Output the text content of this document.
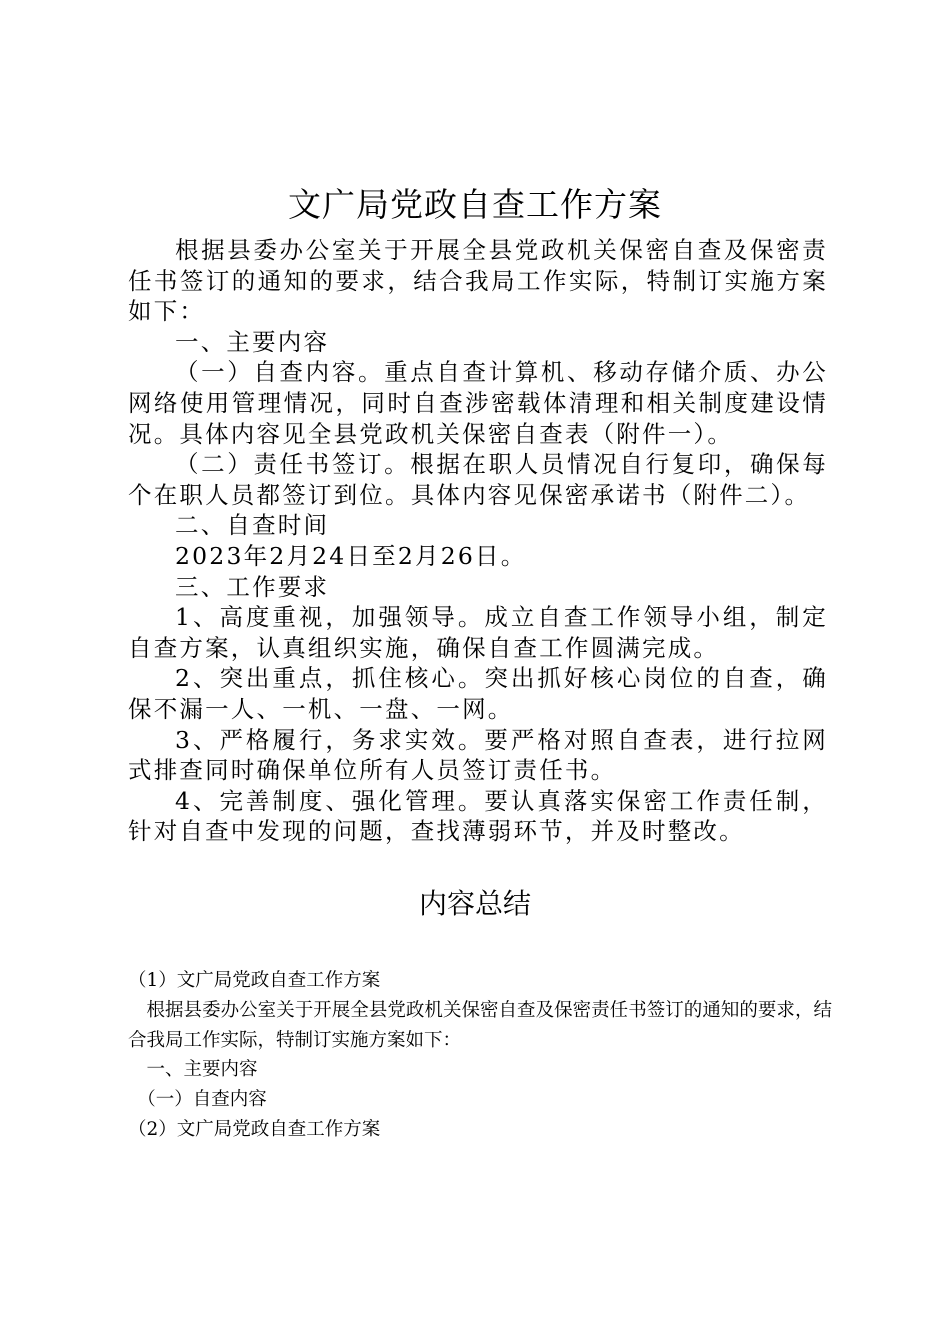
文广局党政自查工作方案

根据县委办公室关于开展全县党政机关保密自查及保密责任书签订的通知的要求，结合我局工作实际，特制订实施方案如下：

一、主要内容

（一）自查内容。重点自查计算机、移动存储介质、办公网络使用管理情况，同时自查涉密载体清理和相关制度建设情况。具体内容见全县党政机关保密自查表（附件一）。

（二）责任书签订。根据在职人员情况自行复印，确保每个在职人员都签订到位。具体内容见保密承诺书（附件二）。

二、自查时间

2023年2月24日至2月26日。

三、工作要求

1、高度重视，加强领导。成立自查工作领导小组，制定自查方案，认真组织实施，确保自查工作圆满完成。

2、突出重点，抓住核心。突出抓好核心岗位的自查，确保不漏一人、一机、一盘、一网。

3、严格履行，务求实效。要严格对照自查表，进行拉网式排查同时确保单位所有人员签订责任书。

4、完善制度、强化管理。要认真落实保密工作责任制，针对自查中发现的问题，查找薄弱环节，并及时整改。

内容总结

（1）文广局党政自查工作方案

根据县委办公室关于开展全县党政机关保密自查及保密责任书签订的通知的要求，结合我局工作实际，特制订实施方案如下：

一、主要内容

（一）自查内容

（2）文广局党政自查工作方案
